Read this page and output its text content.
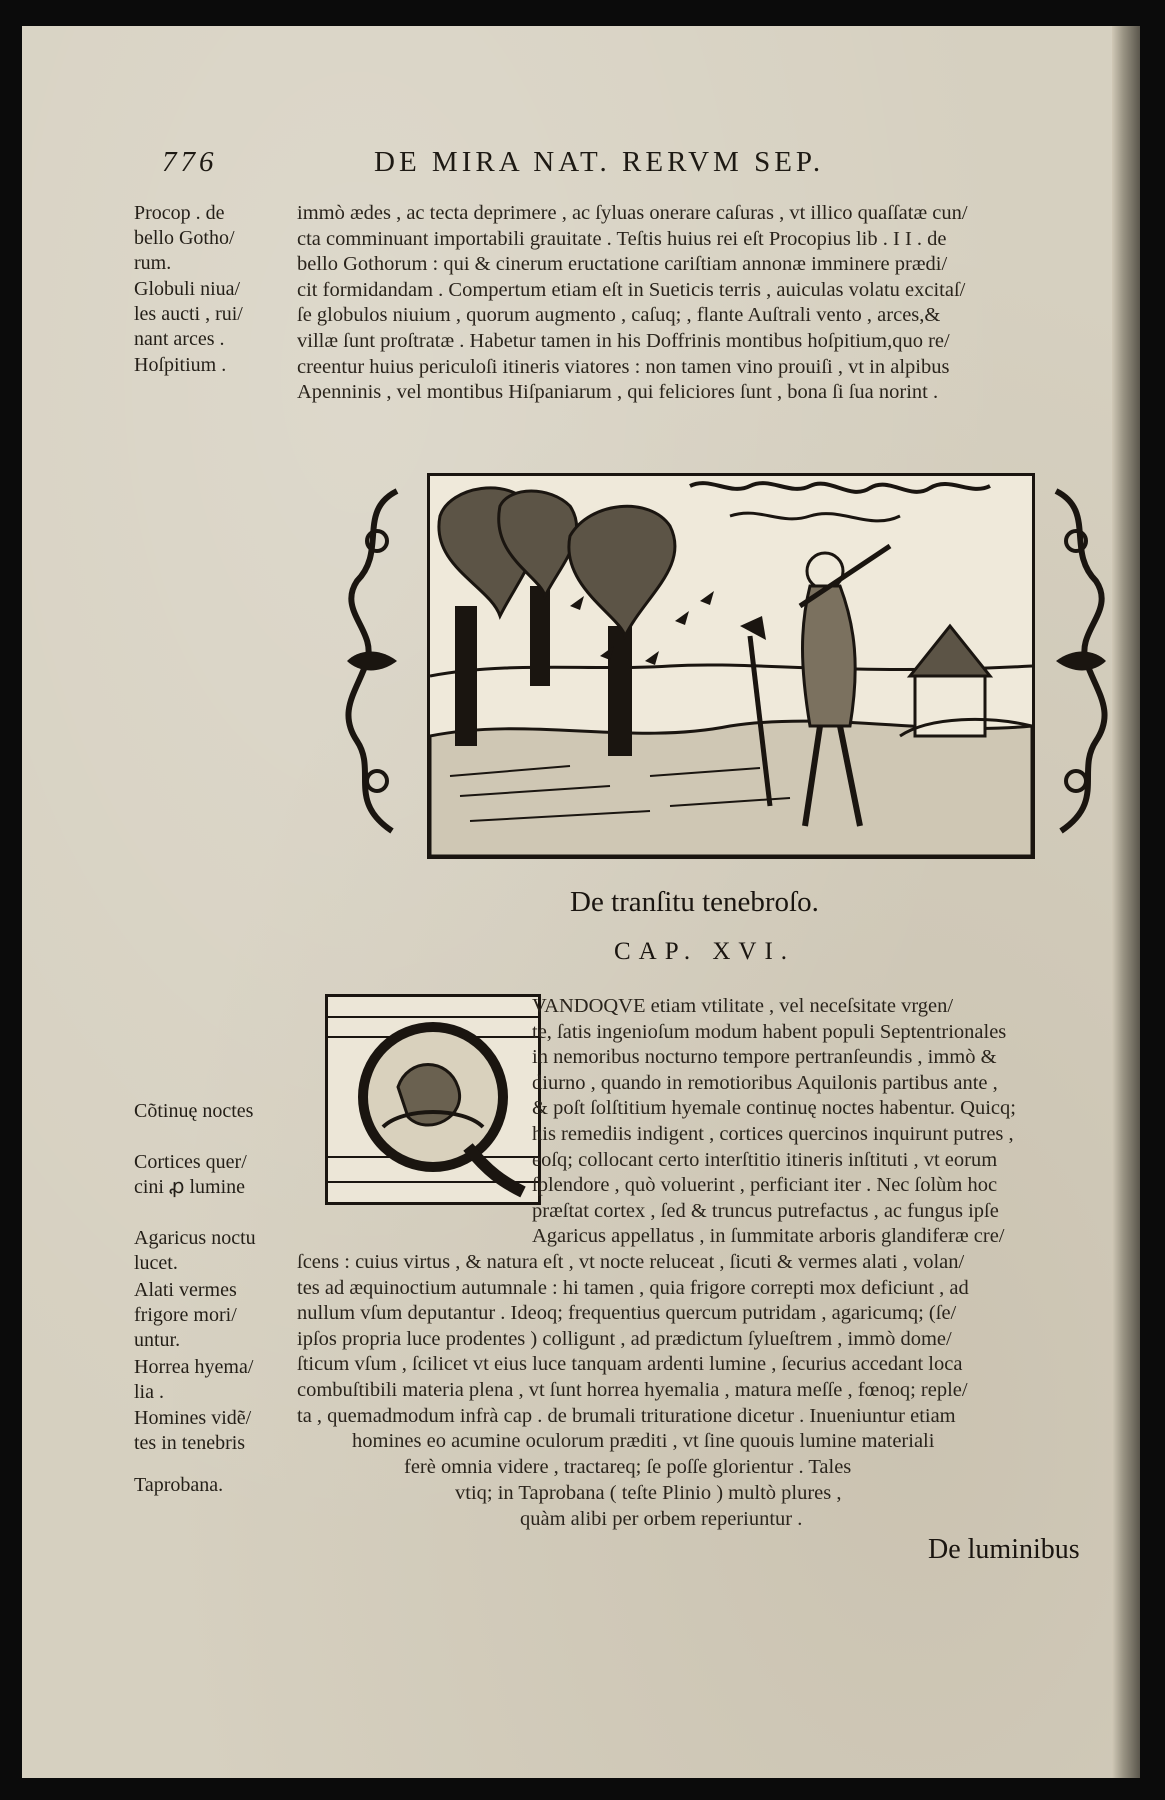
776	DE MIRA NAT. RERVM SEP.
Procop . de
bello Gotho/
rum.
Globuli niua/
les aucti , rui/
nant arces .
Hoſpitium .
immò ædes , ac tecta deprimere , ac ſyluas onerare caſuras , vt illico quaſſatæ cun/
cta comminuant importabili grauitate . Teſtis huius rei eſt Procopius lib . I I . de
bello Gothorum : qui & cinerum eructatione cariſtiam annonæ imminere prædi/
cit formidandam . Compertum etiam eſt in Sueticis terris , auiculas volatu excitaſ/
ſe globulos niuium , quorum augmento , caſuq; , flante Auſtrali vento , arces,&
villæ ſunt proſtratæ . Habetur tamen in his Doffrinis montibus hoſpitium,quo re/
creentur huius periculoſi itineris viatores : non tamen vino prouiſi , vt in alpibus
Apenninis , vel montibus Hiſpaniarum , qui feliciores ſunt , bona ſi ſua norint .
De tranſitu tenebroſo.
CAP. XVI.
Cõtinuę noctes
Cortices quer/
cini ꝓ lumine
Agaricus noctu
lucet.
Alati vermes
frigore mori/
untur.
Horrea hyema/
lia .
Homines vidẽ/
tes in tenebris
Taprobana.
VANDOQVE etiam vtilitate , vel neceſsitate vrgen/
te, ſatis ingenioſum modum habent populi Septentrionales
in nemoribus nocturno tempore pertranſeundis , immò &
diurno , quando in remotioribus Aquilonis partibus ante ,
& poſt ſolſtitium hyemale continuę noctes habentur. Quicq;
his remediis indigent , cortices quercinos inquirunt putres ,
eoſq; collocant certo interſtitio itineris inſtituti , vt eorum
ſplendore , quò voluerint , perficiant iter . Nec ſolùm hoc
præſtat cortex , ſed & truncus putrefactus , ac fungus ipſe
Agaricus appellatus , in ſummitate arboris glandiferæ cre/
ſcens : cuius virtus , & natura eſt , vt nocte reluceat , ſicuti & vermes alati , volan/
tes ad æquinoctium autumnale : hi tamen , quia frigore correpti mox deficiunt , ad
nullum vſum deputantur . Ideoq; frequentius quercum putridam , agaricumq; (ſe/
ipſos propria luce prodentes ) colligunt , ad prædictum ſylueſtrem , immò dome/
ſticum vſum , ſcilicet vt eius luce tanquam ardenti lumine , ſecurius accedant loca
combuſtibili materia plena , vt ſunt horrea hyemalia , matura meſſe , fœnoq; reple/
ta , quemadmodum infrà cap . de brumali trituratione dicetur . Inueniuntur etiam
homines eo acumine oculorum præditi , vt ſine quouis lumine materiali
ferè omnia videre , tractareq; ſe poſſe glorientur . Tales
vtiq; in Taprobana ( teſte Plinio ) multò plures ,
quàm alibi per orbem reperiuntur .
De luminibus
